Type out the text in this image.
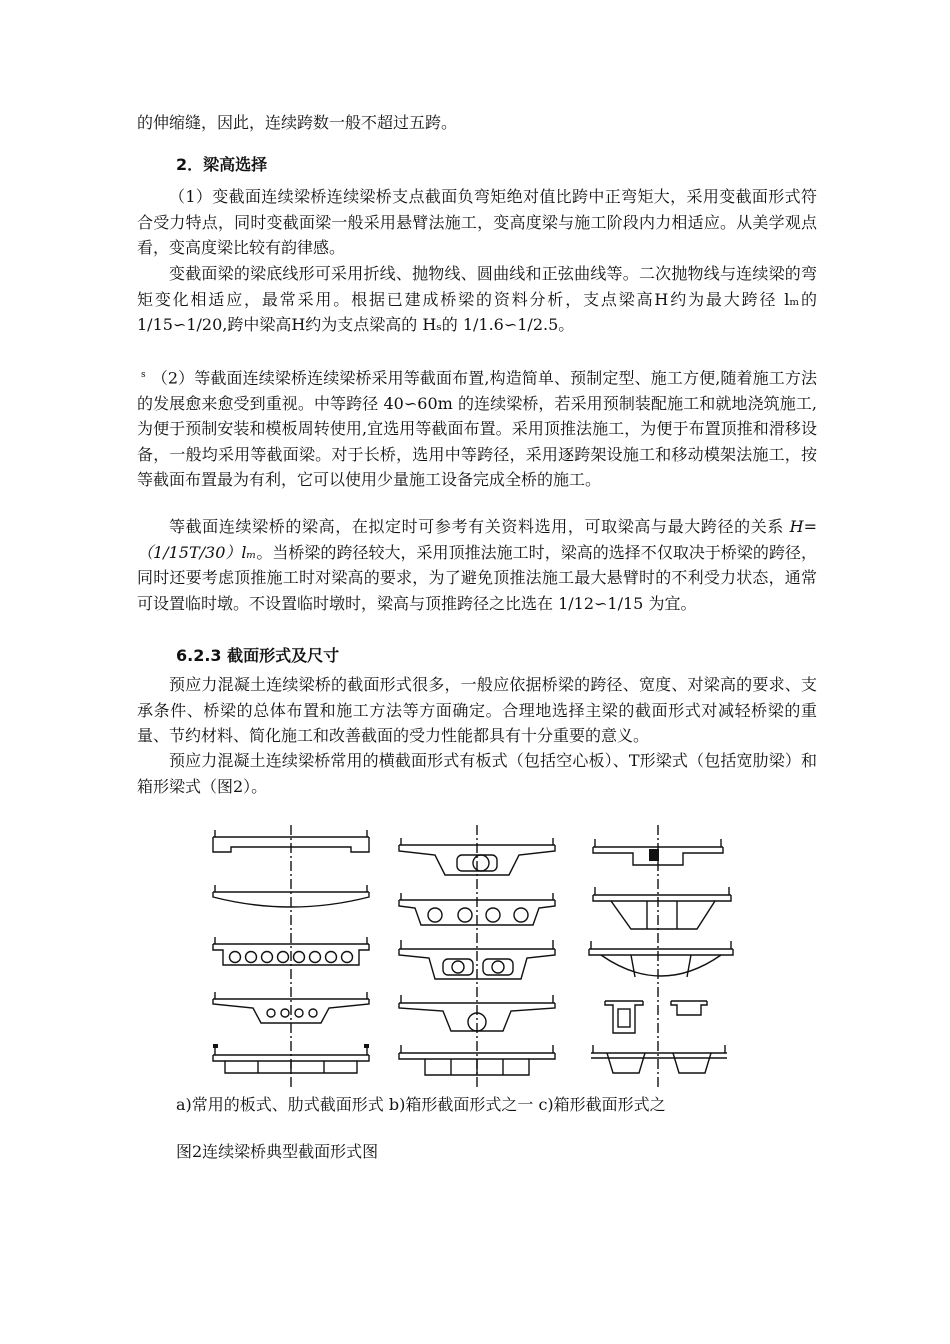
的伸缩缝，因此，连续跨数一般不超过五跨。

2．梁高选择

（1）变截面连续梁桥连续梁桥支点截面负弯矩绝对值比跨中正弯矩大，采用变截面形式符合受力特点，同时变截面梁一般采用悬臂法施工，变高度梁与施工阶段内力相适应。从美学观点看，变高度梁比较有韵律感。

变截面梁的梁底线形可采用折线、抛物线、圆曲线和正弦曲线等。二次抛物线与连续梁的弯矩变化相适应，最常采用。根据已建成桥梁的资料分析，支点梁高H约为最大跨径 lₘ的 1/15∽1/20,跨中梁高H约为支点梁高的 Hₛ的 1/1.6∽1/2.5。

$^s$ （2）等截面连续梁桥连续梁桥采用等截面布置,构造简单、预制定型、施工方便,随着施工方法的发展愈来愈受到重视。中等跨径 40∽60m 的连续梁桥，若采用预制装配施工和就地浇筑施工,为便于预制安装和模板周转使用,宜选用等截面布置。采用顶推法施工，为便于布置顶推和滑移设备，一般均采用等截面梁。对于长桥，选用中等跨径，采用逐跨架设施工和移动模架法施工，按等截面布置最为有利，它可以使用少量施工设备完成全桥的施工。

等截面连续梁桥的梁高，在拟定时可参考有关资料选用，可取梁高与最大跨径的关系 H=（1/15T/30）lₘ。当桥梁的跨径较大，采用顶推法施工时，梁高的选择不仅取决于桥梁的跨径，同时还要考虑顶推施工时对梁高的要求，为了避免顶推法施工最大悬臂时的不利受力状态，通常可设置临时墩。不设置临时墩时，梁高与顶推跨径之比选在 1/12∽1/15 为宜。

6.2.3 截面形式及尺寸

预应力混凝土连续梁桥的截面形式很多，一般应依据桥梁的跨径、宽度、对梁高的要求、支承条件、桥梁的总体布置和施工方法等方面确定。合理地选择主梁的截面形式对减轻桥梁的重量、节约材料、简化施工和改善截面的受力性能都具有十分重要的意义。

预应力混凝土连续梁桥常用的横截面形式有板式（包括空心板）、T形梁式（包括宽肋梁）和箱形梁式（图2）。

a)常用的板式、肋式截面形式 b)箱形截面形式之一 c)箱形截面形式之

图2连续梁桥典型截面形式图
